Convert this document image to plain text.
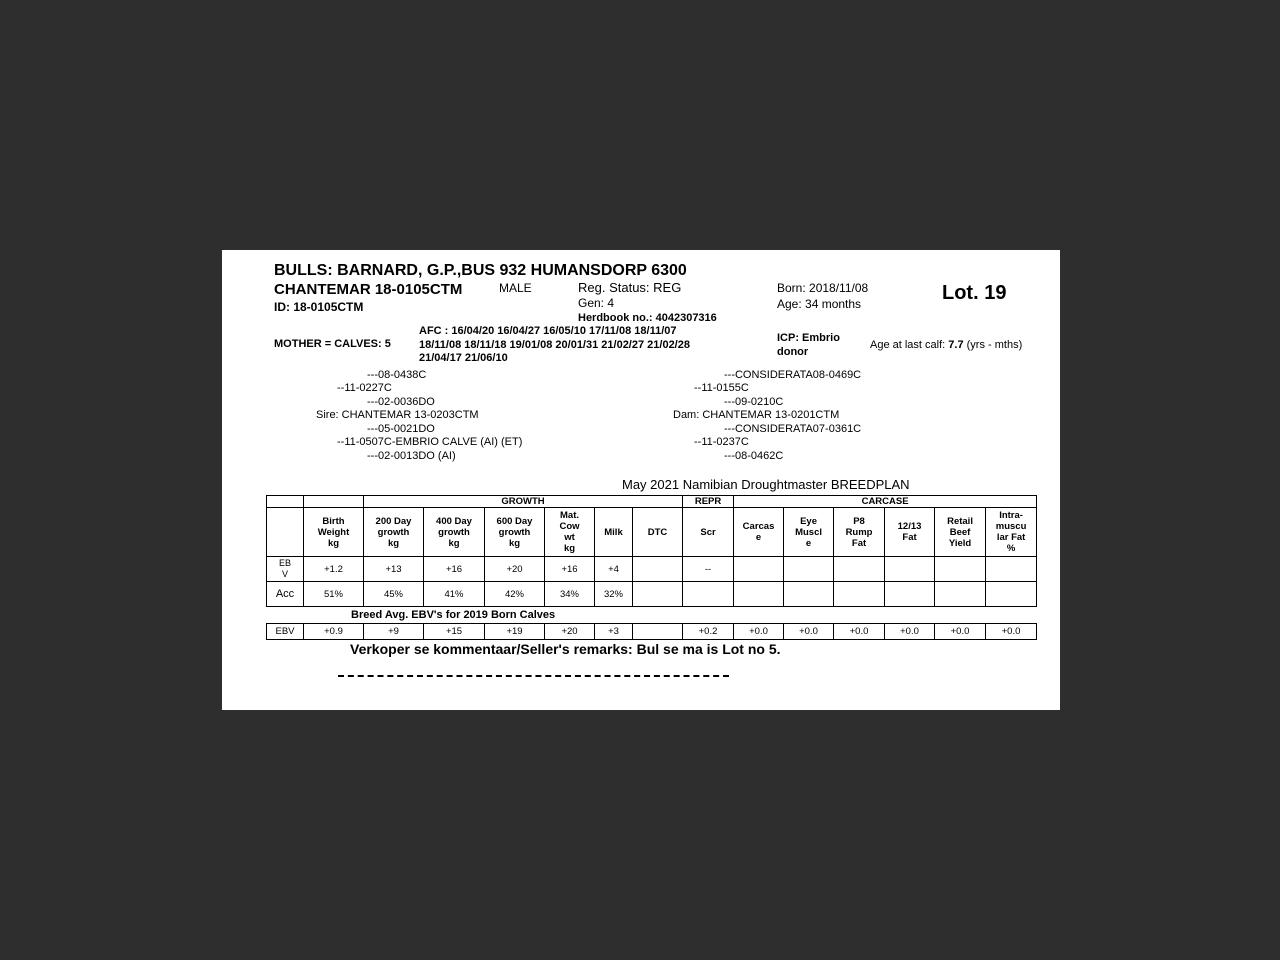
BULLS: BARNARD, G.P.,BUS 932 HUMANSDORP 6300
CHANTEMAR 18-0105CTM	MALE
ID: 18-0105CTM
Reg. Status: REG
Gen: 4
Herdbook no.: 4042307316
Born: 2018/11/08
Age: 34 months	Lot. 19
MOTHER = CALVES: 5
AFC : 16/04/20 16/04/27 16/05/10 17/11/08 18/11/07
18/11/08 18/11/18 19/01/08 20/01/31 21/02/27 21/02/28
21/04/17 21/06/10
ICP: Embrio
donor
Age at last calf: 7.7 (yrs - mths)
---08-0438C
--11-0227C
---02-0036DO
Sire: CHANTEMAR 13-0203CTM
---05-0021DO
--11-0507C-EMBRIO CALVE (AI) (ET)
---02-0013DO (AI)
---CONSIDERATA08-0469C
--11-0155C
---09-0210C
Dam: CHANTEMAR 13-0201CTM
---CONSIDERATA07-0361C
--11-0237C
---08-0462C
May 2021 Namibian Droughtmaster BREEDPLAN
		GROWTH						REPR	CARCASE					
	Birth
Weight
kg	200 Day
growth
kg	400 Day
growth
kg	600 Day
growth
kg	Mat.
Cow
wt
kg	Milk	DTC	Scr	Carcas
e	Eye
Muscl
e	P8
Rump
Fat	12/13
Fat	Retail
Beef
Yield	Intra-
muscu
lar Fat
%
EB
V	+1.2	+13	+16	+20	+16	+4		--						
Acc	51%	45%	41%	42%	34%	32%								
Breed Avg. EBV's for 2019 Born Calves
EBV	+0.9	+9	+15	+19	+20	+3		+0.2	+0.0	+0.0	+0.0	+0.0	+0.0	+0.0
Verkoper se kommentaar/Seller's remarks: Bul se ma is Lot no 5.
